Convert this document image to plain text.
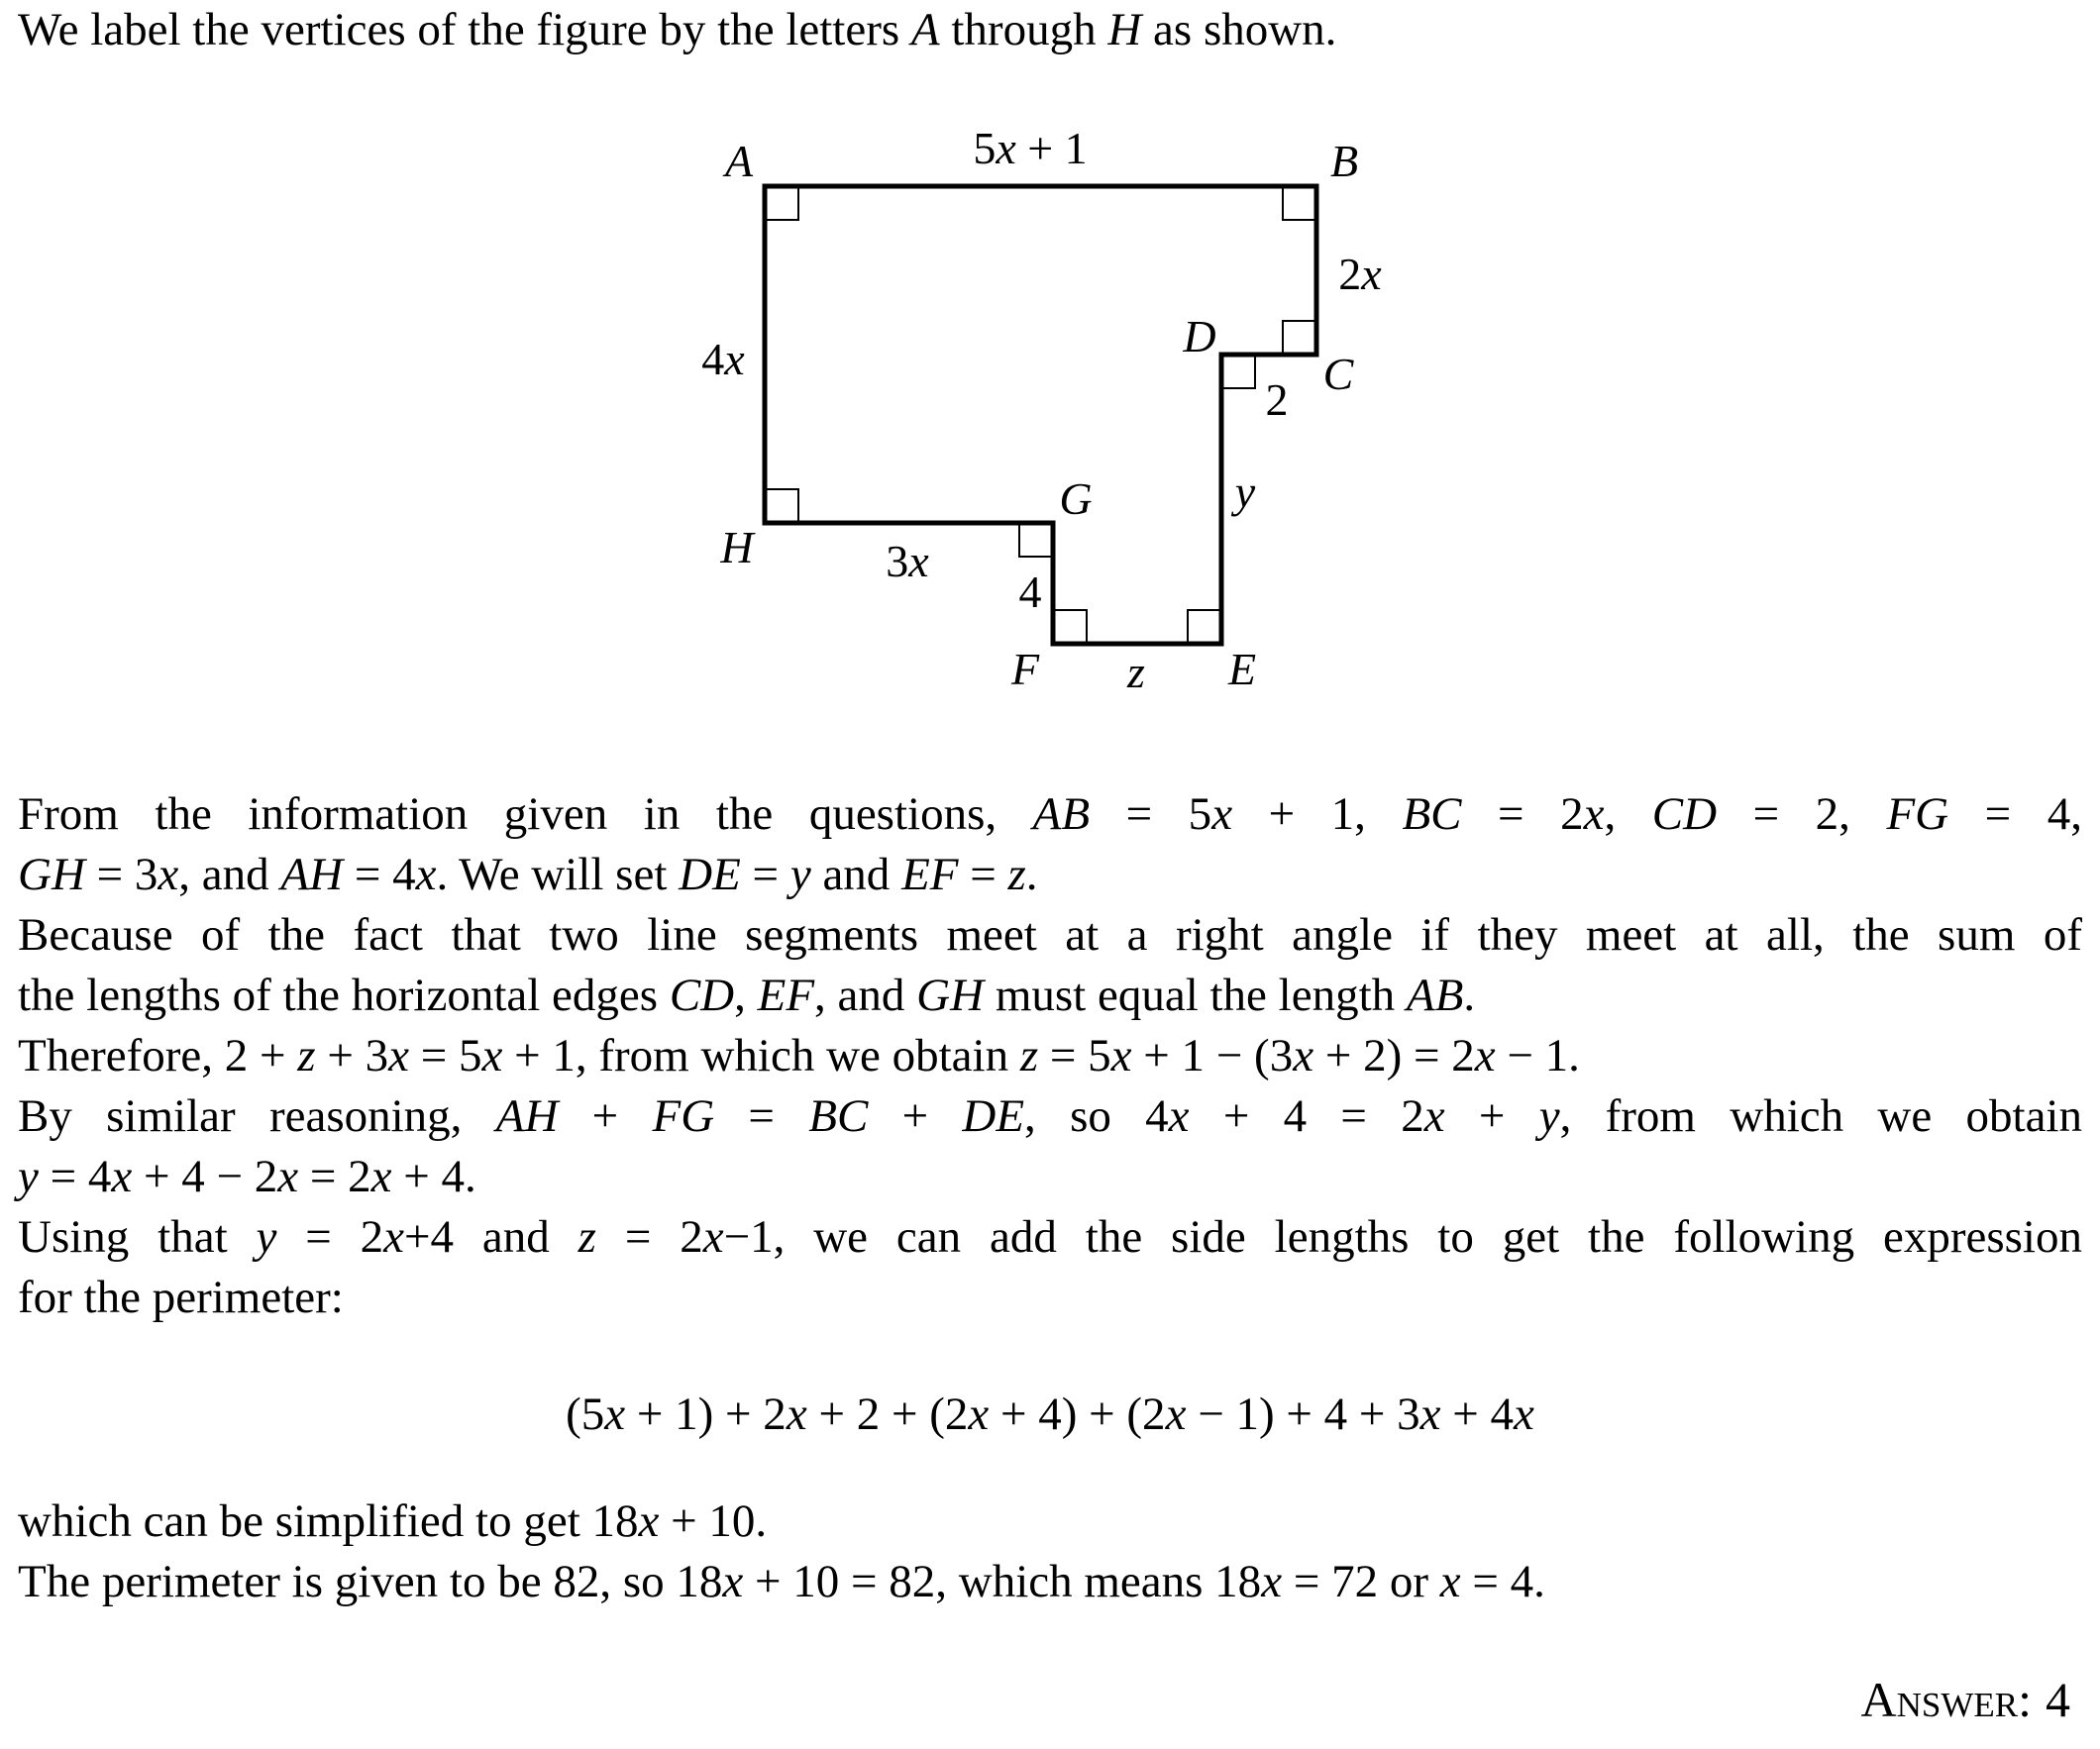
We label the vertices of the figure by the letters A through H as shown.
A	B
C
D
E
F
G
H
5x + 1
2x
2
y
z
4
3x
4x
From the information given in the questions, AB = 5x + 1, BC = 2x, CD = 2, FG = 4,
GH = 3x, and AH = 4x. We will set DE = y and EF = z.
Because of the fact that two line segments meet at a right angle if they meet at all, the sum of
the lengths of the horizontal edges CD, EF, and GH must equal the length AB.
Therefore, 2 + z + 3x = 5x + 1, from which we obtain z = 5x + 1 − (3x + 2) = 2x − 1.
By similar reasoning, AH + FG = BC + DE, so 4x + 4 = 2x + y, from which we obtain
y = 4x + 4 − 2x = 2x + 4.
Using that y = 2x+4 and z = 2x−1, we can add the side lengths to get the following expression
for the perimeter:
(5x + 1) + 2x + 2 + (2x + 4) + (2x − 1) + 4 + 3x + 4x
which can be simplified to get 18x + 10.
The perimeter is given to be 82, so 18x + 10 = 82, which means 18x = 72 or x = 4.
Answer: 4
